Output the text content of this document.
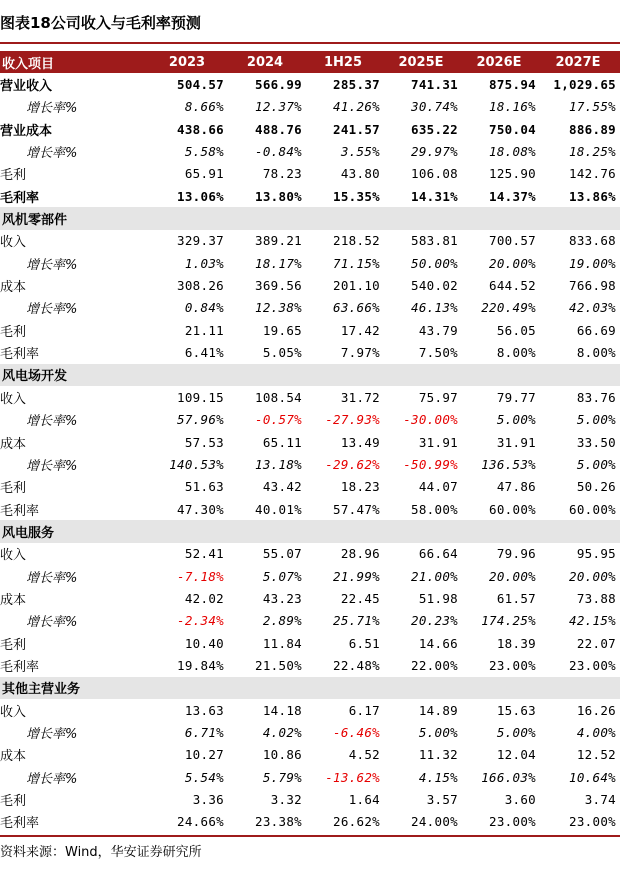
图表18公司收入与毛利率预测
收入项目	2023	2024	1H25	2025E	2026E	2027E
营业收入	504.57	566.99	285.37	741.31	875.94	1,029.65
增长率%	8.66%	12.37%	41.26%	30.74%	18.16%	17.55%
营业成本	438.66	488.76	241.57	635.22	750.04	886.89
增长率%	5.58%	-0.84%	3.55%	29.97%	18.08%	18.25%
毛利	65.91	78.23	43.80	106.08	125.90	142.76
毛利率	13.06%	13.80%	15.35%	14.31%	14.37%	13.86%
风机零部件						
收入	329.37	389.21	218.52	583.81	700.57	833.68
增长率%	1.03%	18.17%	71.15%	50.00%	20.00%	19.00%
成本	308.26	369.56	201.10	540.02	644.52	766.98
增长率%	0.84%	12.38%	63.66%	46.13%	220.49%	42.03%
毛利	21.11	19.65	17.42	43.79	56.05	66.69
毛利率	6.41%	5.05%	7.97%	7.50%	8.00%	8.00%
风电场开发						
收入	109.15	108.54	31.72	75.97	79.77	83.76
增长率%	57.96%	-0.57%	-27.93%	-30.00%	5.00%	5.00%
成本	57.53	65.11	13.49	31.91	31.91	33.50
增长率%	140.53%	13.18%	-29.62%	-50.99%	136.53%	5.00%
毛利	51.63	43.42	18.23	44.07	47.86	50.26
毛利率	47.30%	40.01%	57.47%	58.00%	60.00%	60.00%
风电服务						
收入	52.41	55.07	28.96	66.64	79.96	95.95
增长率%	-7.18%	5.07%	21.99%	21.00%	20.00%	20.00%
成本	42.02	43.23	22.45	51.98	61.57	73.88
增长率%	-2.34%	2.89%	25.71%	20.23%	174.25%	42.15%
毛利	10.40	11.84	6.51	14.66	18.39	22.07
毛利率	19.84%	21.50%	22.48%	22.00%	23.00%	23.00%
其他主营业务						
收入	13.63	14.18	6.17	14.89	15.63	16.26
增长率%	6.71%	4.02%	-6.46%	5.00%	5.00%	4.00%
成本	10.27	10.86	4.52	11.32	12.04	12.52
增长率%	5.54%	5.79%	-13.62%	4.15%	166.03%	10.64%
毛利	3.36	3.32	1.64	3.57	3.60	3.74
毛利率	24.66%	23.38%	26.62%	24.00%	23.00%	23.00%
资料来源：Wind，华安证券研究所
